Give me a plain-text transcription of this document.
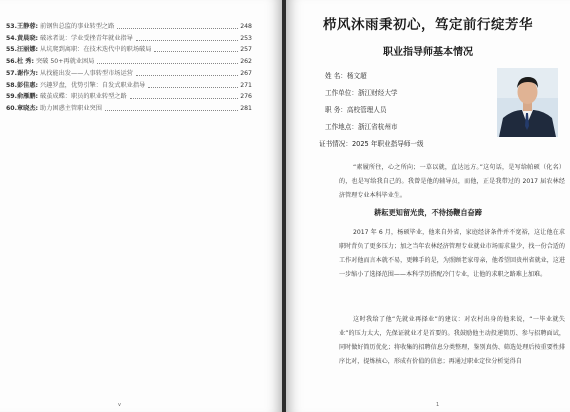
53. 王静蓉: 前钢售总监的事业转型之路	248
54. 黄晨晓: 破冰者说：学业受挫青年就业指导	253
55. 汪丽娜: 从坑爬到离职：在技术迭代中的职场破局	257
56. 杜 秀: 突破 50+再就业困局	262
57. 谢作为: 从找能出发——人事转型市场运营	267
58. 彭佳惠: 兴趣罗盘，优势引擎：自发式职业指导	271
59. 俞雁鹏: 破茧成蝶：职员的职业转型之路	276
60. 章晓杰: 助力困惑主管职业突围	281
v
栉风沐雨秉初心，笃定前行绽芳华
职业指导师基本情况
姓 名：杨文超
工作单位：浙江财经大学
职 务：高校管理人员
工作地点：浙江省杭州市
证书情况：2025 年职业指导师一级
“素履所往，心之所向；一草以就，直达远方。”这句话，是写给帕硕（化名）的，也是写给我自己的。我曾是他的辅导员，而他，正是我带过的 2017 届农林经济管理专业本科毕业生。
耕耘更知留光贵，不待扬鞭自奋蹄
2017 年 6 月，杨硕毕业，他来自外省，家庭经济条件并不宽裕，这让他在求职时背负了更多压力；加之当年农林经济管理专业就业市场需求量少，找一份合适的工作对他而言本就不易，更棘手的是，为照顾老家母亲，他希望回贵州省就业，这进一步缩小了选择范围——本科学历搭配冷门专业，让他的求职之路难上加难。
这时我给了他“先就业再择业”的建议：对农村出身的他来说，“一毕业就失业”的压力太大，先保证就业才是首要的。我鼓励他主动投递简历、参与招聘面试，同时做好简历优化；将收集的招聘信息分类整理，鉴别真伪、筛选处理后按重要性排序比对，提炼核心，形成有价值的信息；再通过职业定位分析觉得自
1
